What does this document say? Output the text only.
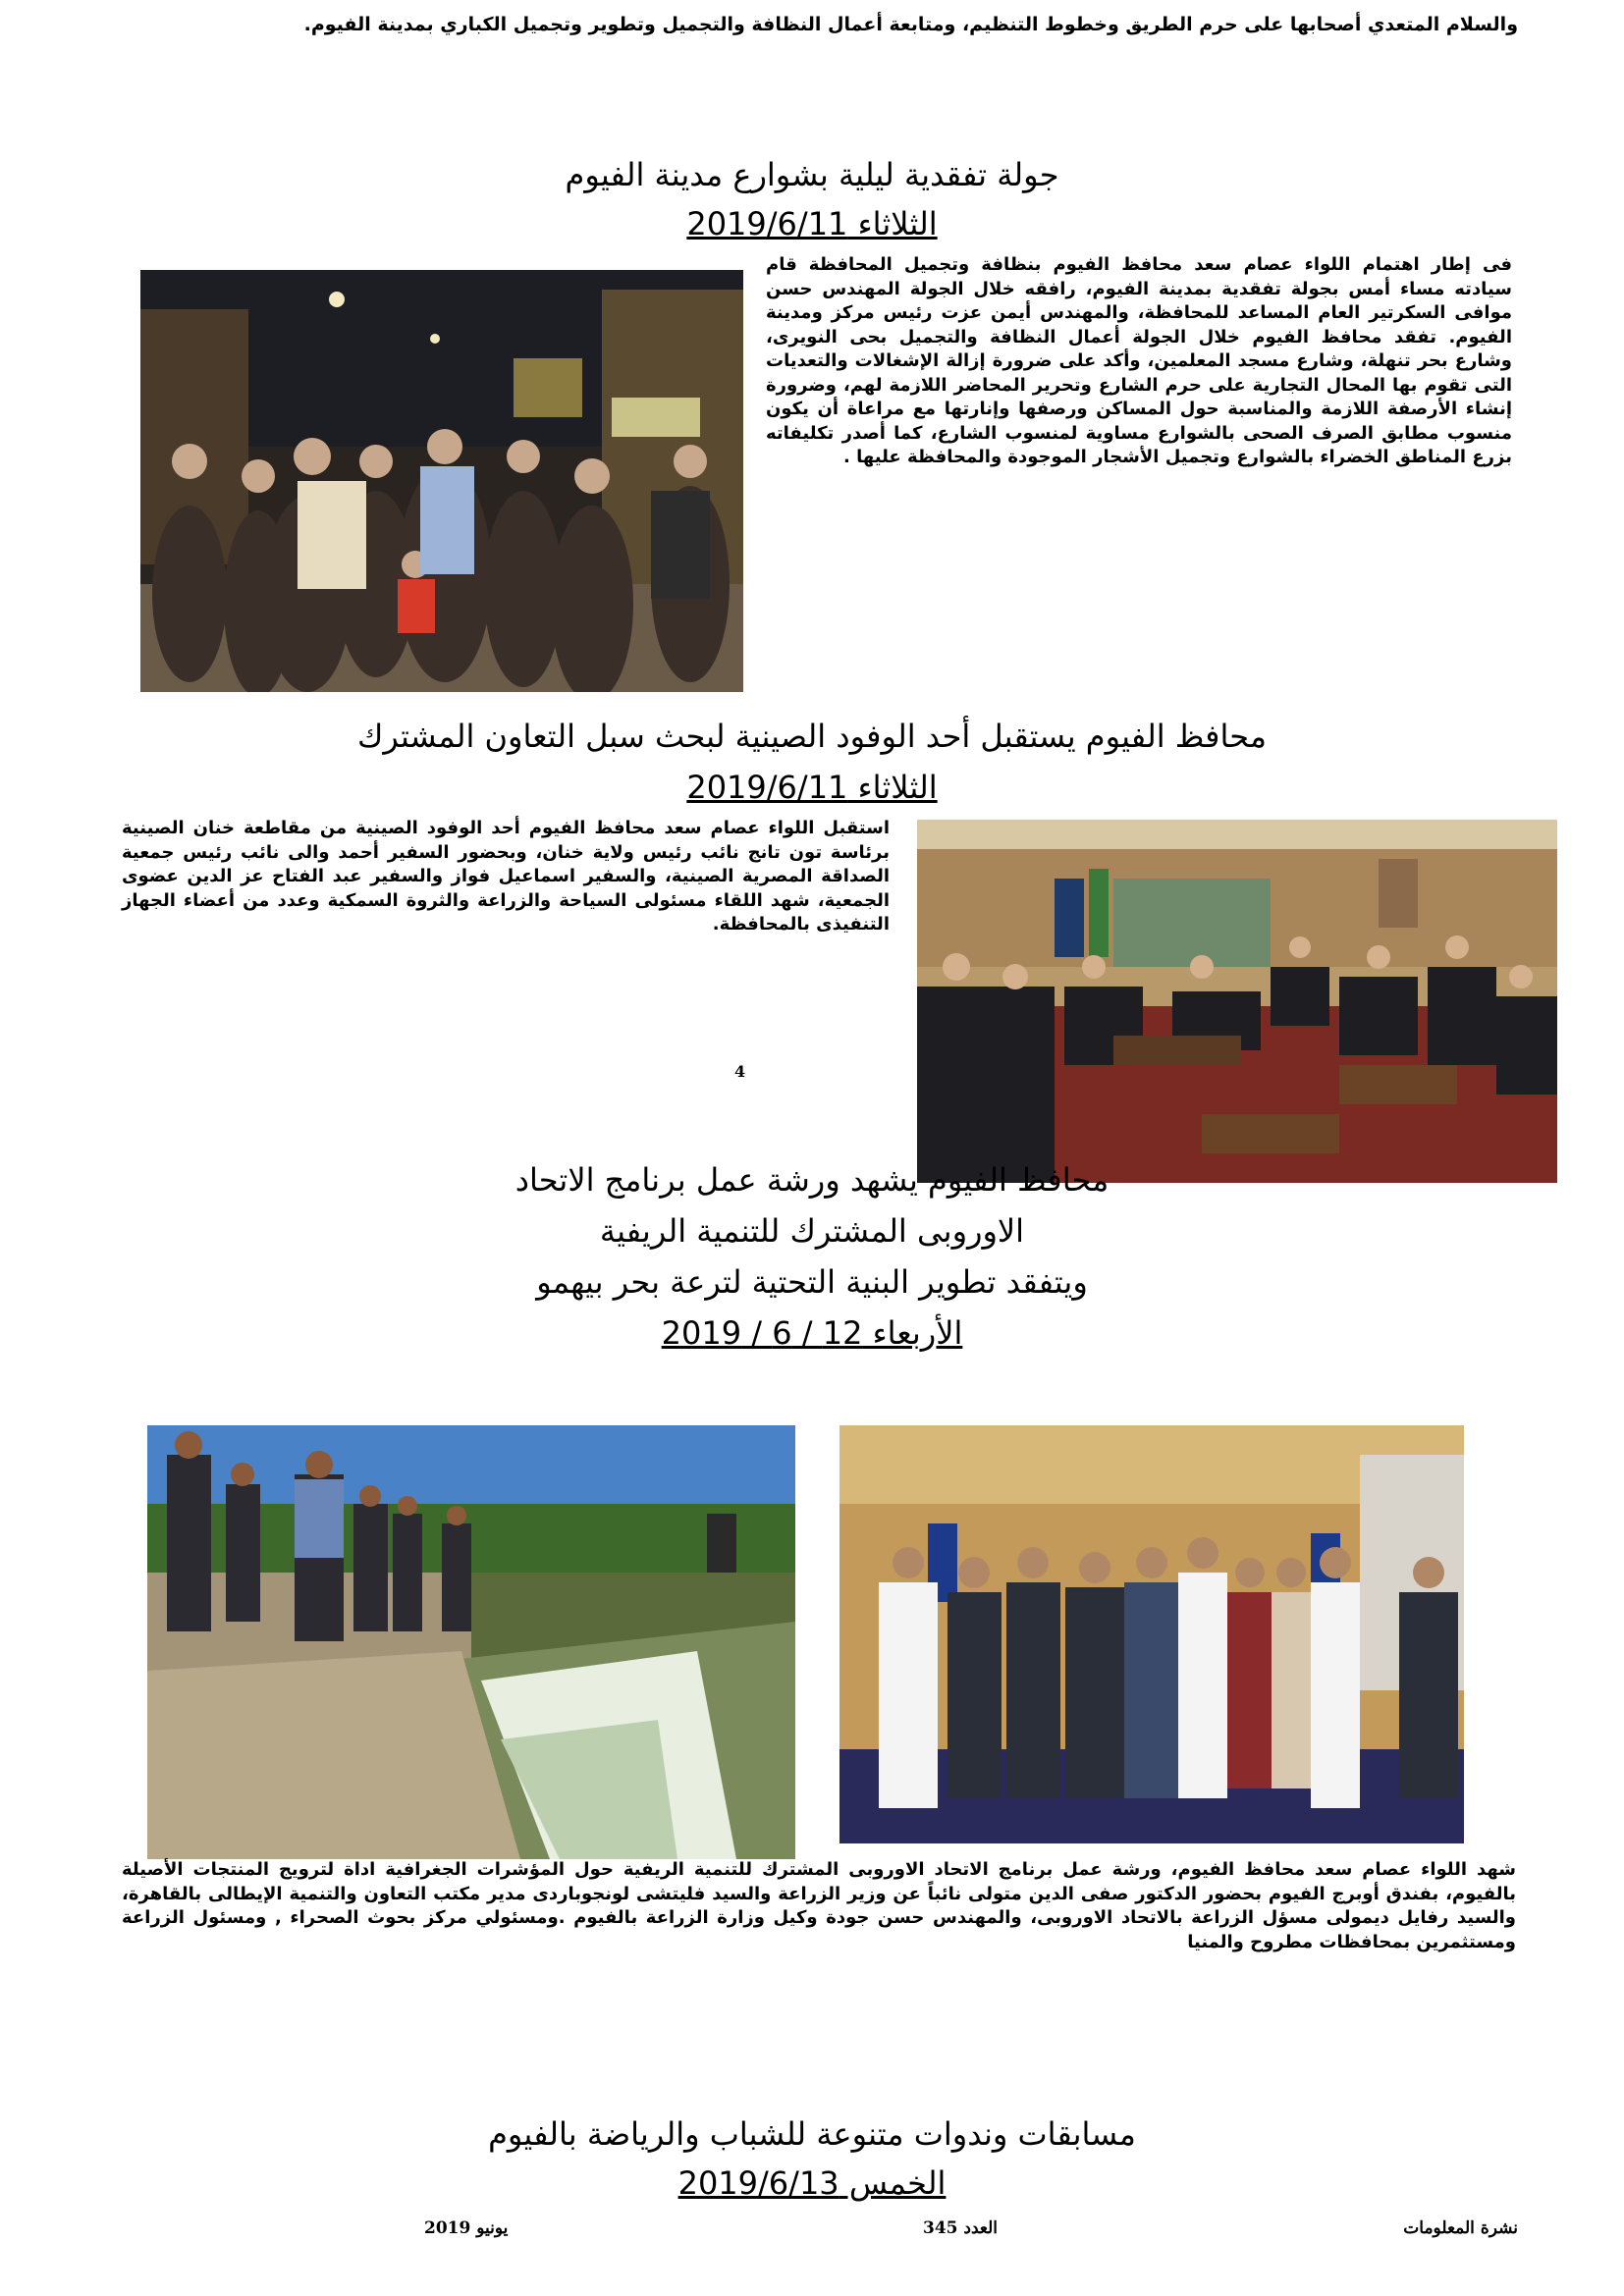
والسلام المتعدي أصحابها على حرم الطريق وخطوط التنظيم، ومتابعة أعمال النظافة والتجميل وتطوير وتجميل الكباري بمدينة الفيوم.
جولة تفقدية ليلية بشوارع مدينة الفيوم
الثلاثاء 2019/6/11
فى إطار اهتمام اللواء عصام سعد محافظ الفيوم بنظافة وتجميل المحافظة قام سيادته مساء أمس بجولة تفقدية بمدينة الفيوم، رافقه خلال الجولة المهندس حسن موافى السكرتير العام المساعد للمحافظة، والمهندس أيمن عزت رئيس مركز ومدينة الفيوم. تفقد محافظ الفيوم خلال الجولة أعمال النظافة والتجميل بحى النويرى، وشارع بحر تنهلة، وشارع مسجد المعلمين، وأكد على ضرورة إزالة الإشغالات والتعديات التى تقوم بها المحال التجارية على حرم الشارع وتحرير المحاضر اللازمة لهم، وضرورة إنشاء الأرصفة اللازمة والمناسبة حول المساكن ورصفها وإنارتها مع مراعاة أن يكون منسوب مطابق الصرف الصحى بالشوارع مساوية لمنسوب الشارع، كما أصدر تكليفاته بزرع المناطق الخضراء بالشوارع وتجميل الأشجار الموجودة والمحافظة عليها .
محافظ الفيوم يستقبل أحد الوفود الصينية لبحث سبل التعاون المشترك
الثلاثاء 2019/6/11
استقبل اللواء عصام سعد محافظ الفيوم أحد الوفود الصينية من مقاطعة خنان الصينية برئاسة تون تانج نائب رئيس ولاية خنان، وبحضور السفير أحمد والى نائب رئيس جمعية الصداقة المصرية الصينية، والسفير اسماعيل فواز والسفير عبد الفتاح عز الدين عضوى الجمعية، شهد اللقاء مسئولى السياحة والزراعة والثروة السمكية وعدد من أعضاء الجهاز التنفيذى بالمحافظة.
4
محافظ الفيوم يشهد ورشة عمل برنامج الاتحاد
الاوروبى المشترك للتنمية الريفية
ويتفقد تطوير البنية التحتية لترعة بحر بيهمو
الأربعاء 12 / 6 / 2019
شهد اللواء عصام سعد محافظ الفيوم، ورشة عمل برنامج الاتحاد الاوروبى المشترك للتنمية الريفية حول المؤشرات الجغرافية اداة لترويج المنتجات الأصيلة بالفيوم، بفندق أوبرج الفيوم بحضور الدكتور صفى الدين متولى نائباً عن وزير الزراعة والسيد فليتشى لونجوباردى مدير مكتب التعاون والتنمية الإيطالى بالقاهرة، والسيد رفايل ديمولى مسؤل الزراعة بالاتحاد الاوروبى، والمهندس حسن جودة وكيل وزارة الزراعة بالفيوم .ومسئولي مركز بحوث الصحراء , ومسئول الزراعة ومستثمرين بمحافظات مطروح والمنيا
مسابقات وندوات متنوعة للشباب والرياضة بالفيوم
الخمس 2019/6/13
نشرة المعلومات
العدد 345
يونيو 2019
